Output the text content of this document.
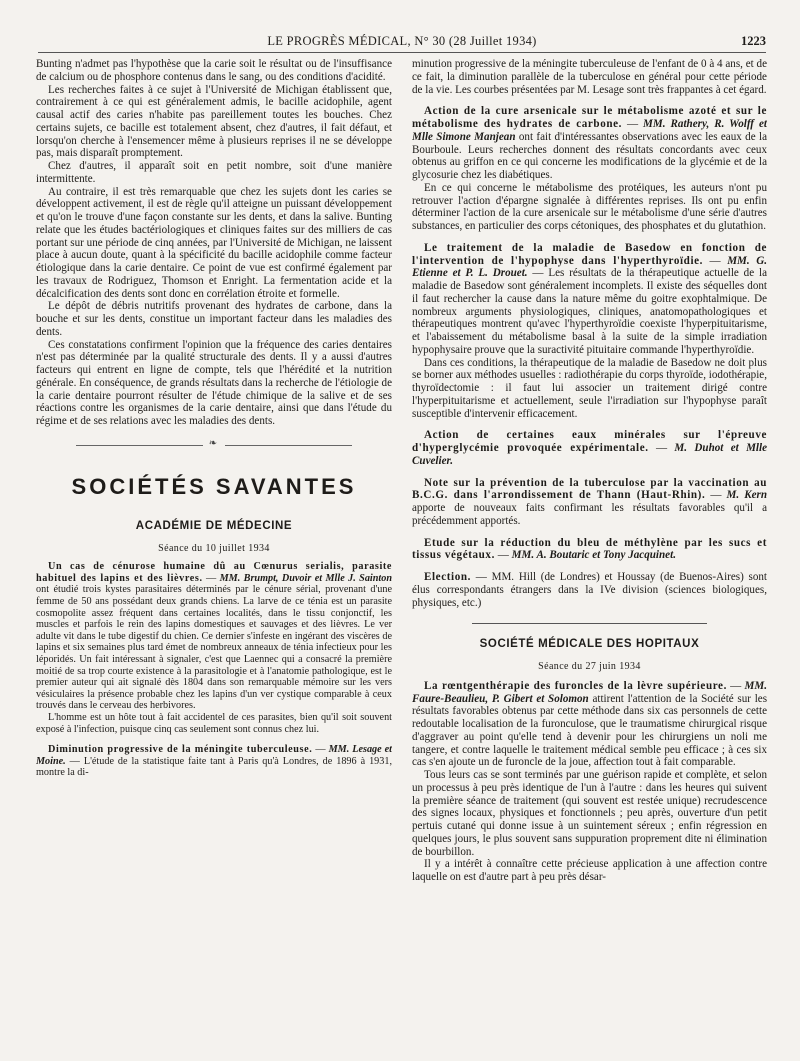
LE PROGRÈS MÉDICAL, N° 30 (28 Juillet 1934)	1223

Bunting n'admet pas l'hypothèse que la carie soit le résultat ou de l'insuffisance de calcium ou de phosphore contenus dans le sang, ou des conditions d'acidité.

Les recherches faites à ce sujet à l'Université de Michigan établissent que, contrairement à ce qui est généralement admis, le bacille acidophile, agent causal actif des caries n'habite pas pareillement toutes les bouches. Chez certains sujets, ce bacille est totalement absent, chez d'autres, il fait défaut, et lorsqu'on cherche à l'ensemencer même à plusieurs reprises il ne se développe pas, mais disparaît promptement.

Chez d'autres, il apparaît soit en petit nombre, soit d'une manière intermittente.

Au contraire, il est très remarquable que chez les sujets dont les caries se développent activement, il est de règle qu'il atteigne un puissant développement et qu'on le trouve d'une façon constante sur les dents, et dans la salive. Bunting relate que les études bactériologiques et cliniques faites sur des milliers de cas portant sur une période de cinq années, par l'Université de Michigan, ne laissent place à aucun doute, quant à la spécificité du bacille acidophile comme facteur étiologique dans la carie dentaire. Ce point de vue est confirmé également par les travaux de Rodriguez, Thomson et Enright. La fermentation acide et la décalcification des dents sont donc en corrélation étroite et formelle.

Le dépôt de débris nutritifs provenant des hydrates de carbone, dans la bouche et sur les dents, constitue un important facteur dans les maladies des dents.

Ces constatations confirment l'opinion que la fréquence des caries dentaires n'est pas déterminée par la qualité structurale des dents. Il y a aussi d'autres facteurs qui entrent en ligne de compte, tels que l'hérédité et la nutrition générale. En conséquence, de grands résultats dans la recherche de l'étiologie de la carie dentaire pourront résulter de l'étude chimique de la salive et de ses réactions contre les organismes de la carie dentaire, ainsi que dans l'étude du régime et de ses relations avec les maladies des dents.

❧
SOCIÉTÉS SAVANTES
ACADÉMIE DE MÉDECINE
Séance du 10 juillet 1934

Un cas de cénurose humaine dû au Cœnurus serialis, parasite habituel des lapins et des lièvres. — MM. Brumpt, Duvoir et Mlle J. Sainton ont étudié trois kystes parasitaires déterminés par le cénure sérial, provenant d'une femme de 50 ans possédant deux grands chiens. La larve de ce ténia est un parasite cosmopolite assez fréquent dans certaines localités, dans le tissu conjonctif, les muscles et parfois le rein des lapins domestiques et sauvages et des lièvres. Le ver adulte vit dans le tube digestif du chien. Ce dernier s'infeste en ingérant des viscères de lapins et six semaines plus tard émet de nombreux anneaux de ténia infectieux pour les léporidés. Un fait intéressant à signaler, c'est que Laennec qui a consacré la première moitié de sa trop courte existence à la parasitologie et à l'anatomie pathologique, est le premier auteur qui ait signalé dès 1804 dans son remarquable mémoire sur les vers vésiculaires la présence probable chez les lapins d'un ver cystique comparable à ceux trouvés dans le cerveau des herbivores.

L'homme est un hôte tout à fait accidentel de ces parasites, bien qu'il soit souvent exposé à l'infection, puisque cinq cas seulement sont connus chez lui.

Diminution progressive de la méningite tuberculeuse. — MM. Lesage et Moine. — L'étude de la statistique faite tant à Paris qu'à Londres, de 1896 à 1931, montre la di-

minution progressive de la méningite tuberculeuse de l'enfant de 0 à 4 ans, et de ce fait, la diminution parallèle de la tuberculose en général pour cette période de la vie. Les courbes présentées par M. Lesage sont très frappantes à cet égard.

Action de la cure arsenicale sur le métabolisme azoté et sur le métabolisme des hydrates de carbone. — MM. Rathery, R. Wolff et Mlle Simone Manjean ont fait d'intéressantes observations avec les eaux de la Bourboule. Leurs recherches donnent des résultats concordants avec ceux obtenus au griffon en ce qui concerne les modifications de la glycémie et de la glycosurie chez les diabétiques.

En ce qui concerne le métabolisme des protéiques, les auteurs n'ont pu retrouver l'action d'épargne signalée à différentes reprises. Ils ont pu enfin déterminer l'action de la cure arsenicale sur le métabolisme d'une série d'autres substances, en particulier des corps cétoniques, des phosphates et du glutathion.

Le traitement de la maladie de Basedow en fonction de l'intervention de l'hypophyse dans l'hyperthyroïdie. — MM. G. Etienne et P. L. Drouet. — Les résultats de la thérapeutique actuelle de la maladie de Basedow sont généralement incomplets. Il existe des séquelles dont il faut rechercher la cause dans la nature même du goitre exophtalmique. De nombreux arguments physiologiques, cliniques, anatomopathologiques et thérapeutiques montrent qu'avec l'hyperthyroïdie coexiste l'hyperpituitarisme, et l'abaissement du métabolisme basal à la suite de la simple irradiation hypophysaire prouve que la suractivité pituitaire commande l'hyperthyroïdie.

Dans ces conditions, la thérapeutique de la maladie de Basedow ne doit plus se borner aux méthodes usuelles : radiothérapie du corps thyroïde, iodothérapie, thyroïdectomie : il faut lui associer un traitement dirigé contre l'hyperpituitarisme et actuellement, seule l'irradiation sur l'hypophyse paraît susceptible d'intervenir efficacement.

Action de certaines eaux minérales sur l'épreuve d'hyperglycémie provoquée expérimentale. — M. Duhot et Mlle Cuvelier.

Note sur la prévention de la tuberculose par la vaccination au B.C.G. dans l'arrondissement de Thann (Haut-Rhin). — M. Kern apporte de nouveaux faits confirmant les résultats favorables qu'il a précédemment apportés.

Etude sur la réduction du bleu de méthylène par les sucs et tissus végétaux. — MM. A. Boutaric et Tony Jacquinet.

Election. — MM. Hill (de Londres) et Houssay (de Buenos-Aires) sont élus correspondants étrangers dans la IVe division (sciences biologiques, physiques, etc.)

SOCIÉTÉ MÉDICALE DES HOPITAUX
Séance du 27 juin 1934

La rœntgenthérapie des furoncles de la lèvre supérieure. — MM. Faure-Beaulieu, P. Gibert et Solomon attirent l'attention de la Société sur les résultats favorables obtenus par cette méthode dans six cas personnels de cette redoutable localisation de la furonculose, que le traumatisme chirurgical risque d'aggraver au point qu'elle tend à devenir pour les chirurgiens un noli me tangere, et contre laquelle le traitement médical semble peu efficace ; à ces six cas s'en ajoute un de furoncle de la joue, affection tout à fait comparable.

Tous leurs cas se sont terminés par une guérison rapide et complète, et selon un processus à peu près identique de l'un à l'autre : dans les heures qui suivent la première séance de traitement (qui souvent est restée unique) recrudescence des signes locaux, physiques et fonctionnels ; peu après, ouverture d'un petit pertuis cutané qui donne issue à un suintement séreux ; enfin régression en quelques jours, le plus souvent sans suppuration proprement dite ni élimination de bourbillon.

Il y a intérêt à connaître cette précieuse application à une affection contre laquelle on est d'autre part à peu près désar-
